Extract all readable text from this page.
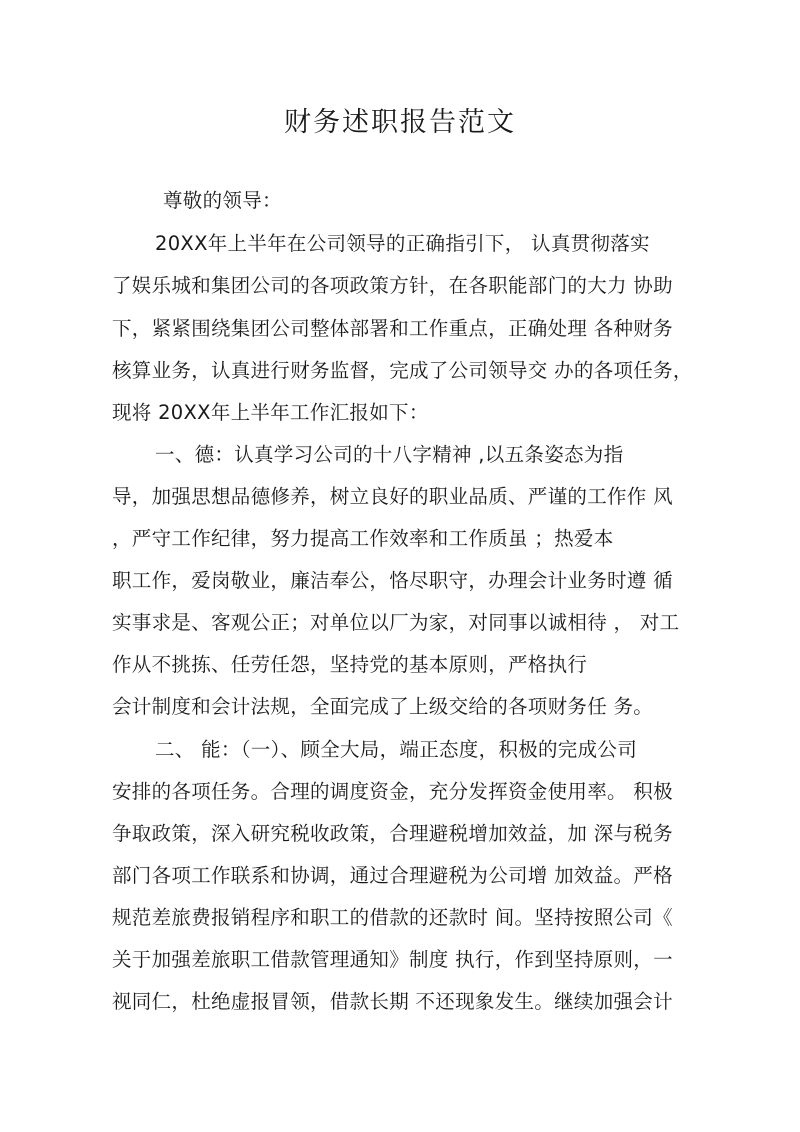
财务述职报告范文
尊敬的领导：
20XX年上半年在公司领导的正确指引下， 认真贯彻落实
了娱乐城和集团公司的各项政策方针，在各职能部门的大力 协助
下，紧紧围绕集团公司整体部署和工作重点，正确处理 各种财务
核算业务，认真进行财务监督，完成了公司领导交 办的各项任务，
现将 20XX年上半年工作汇报如下：
一、德：认真学习公司的十八字精神 ,以五条姿态为指
导，加强思想品德修养，树立良好的职业品质、严谨的工作作 风
，严守工作纪律，努力提高工作效率和工作质虽 ；热爱本
职工作，爱岗敬业，廉洁奉公，恪尽职守，办理会计业务时遵 循
实事求是、客观公正；对单位以厂为家，对同事以诚相待 ， 对工
作从不挑拣、任劳任怨，坚持党的基本原则，严格执行
会计制度和会计法规，全面完成了上级交给的各项财务任 务。
二、 能：（一）、顾全大局，端正态度，积极的完成公司
安排的各项任务。合理的调度资金，充分发挥资金使用率。 积极
争取政策，深入研究税收政策，合理避税增加效益，加 深与税务
部门各项工作联系和协调，通过合理避税为公司增 加效益。严格
规范差旅费报销程序和职工的借款的还款时 间。坚持按照公司《
关于加强差旅职工借款管理通知》制度 执行，作到坚持原则，一
视同仁，杜绝虚报冒领，借款长期 不还现象发生。继续加强会计
